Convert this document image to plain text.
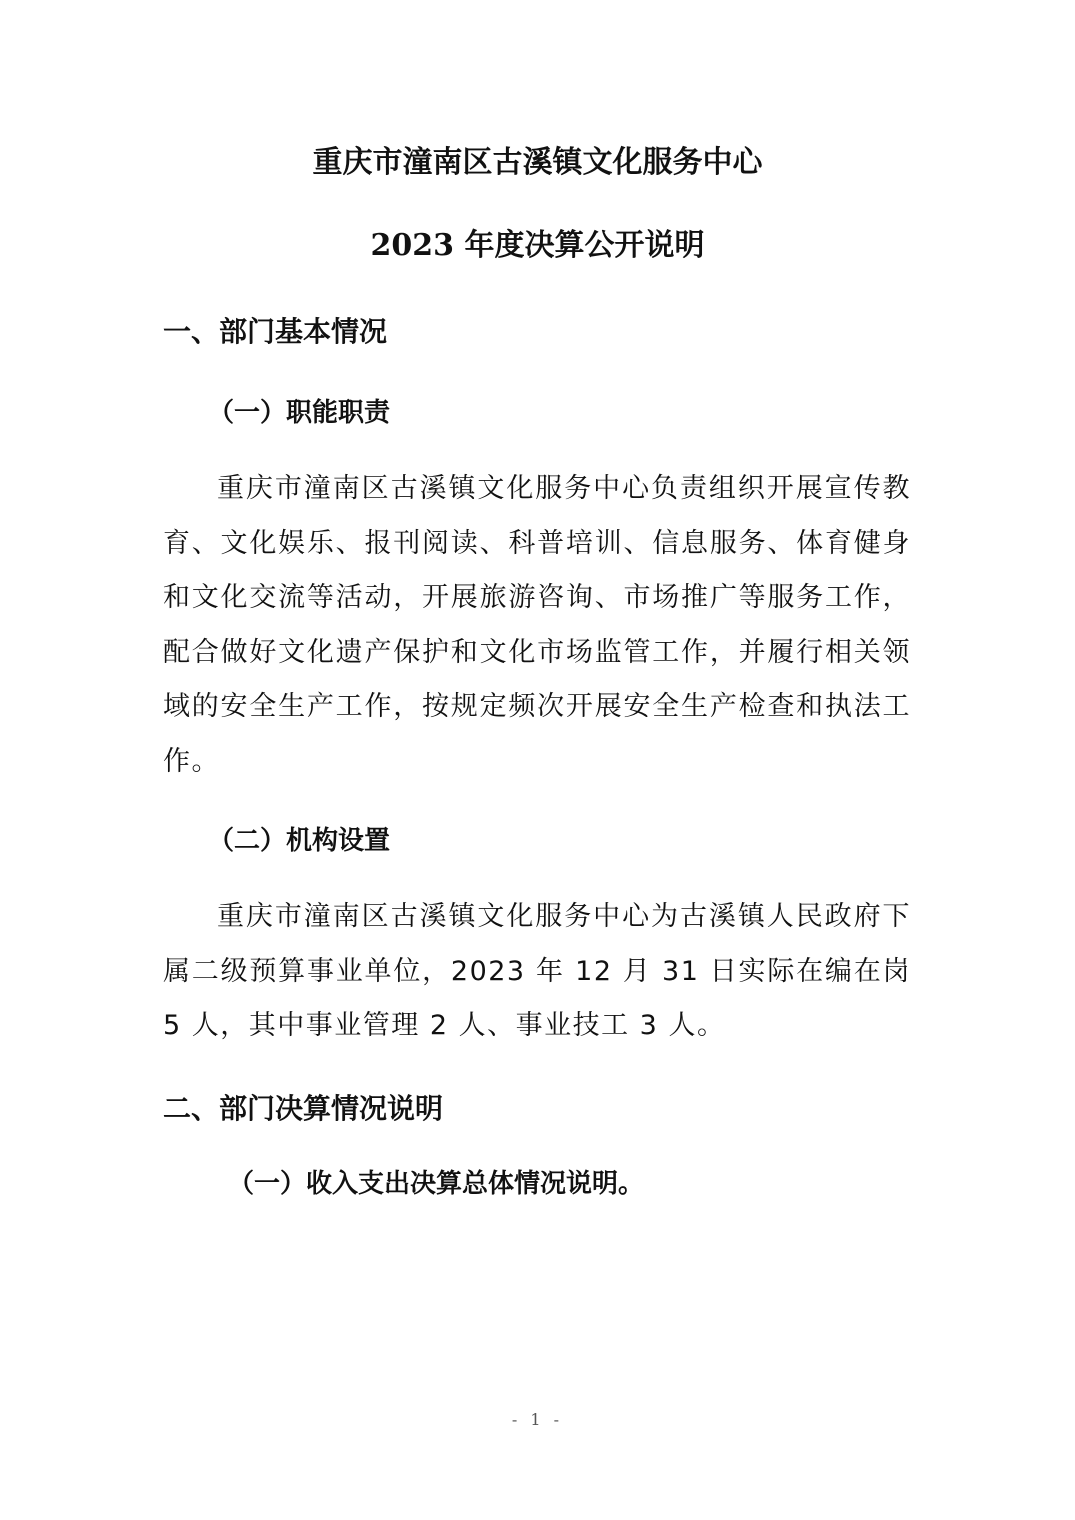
重庆市潼南区古溪镇文化服务中心
2023 年度决算公开说明
一、部门基本情况
（一）职能职责
重庆市潼南区古溪镇文化服务中心负责组织开展宣传教育、文化娱乐、报刊阅读、科普培训、信息服务、体育健身和文化交流等活动，开展旅游咨询、市场推广等服务工作，配合做好文化遗产保护和文化市场监管工作，并履行相关领域的安全生产工作，按规定频次开展安全生产检查和执法工作。
（二）机构设置
重庆市潼南区古溪镇文化服务中心为古溪镇人民政府下属二级预算事业单位，2023 年 12 月 31 日实际在编在岗 5 人，其中事业管理 2 人、事业技工 3 人。
二、部门决算情况说明
（一）收入支出决算总体情况说明。
- 1 -
